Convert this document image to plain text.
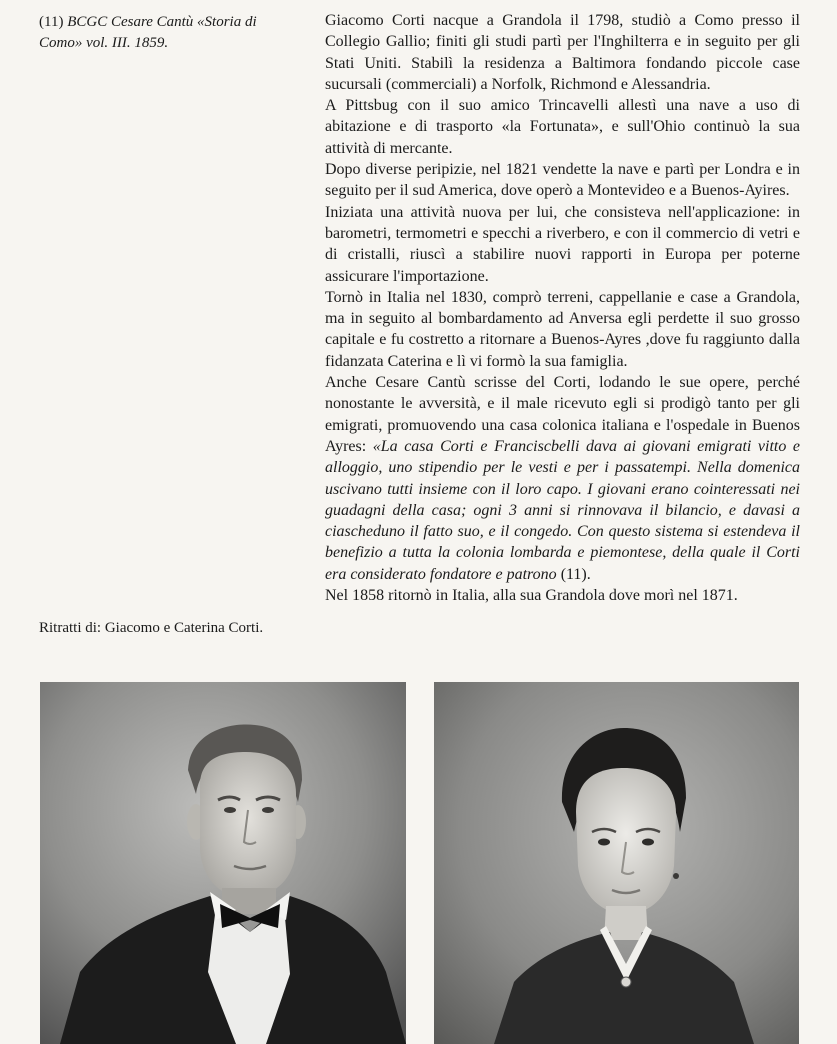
(11) BCGC Cesare Cantù «Storia di Como» vol. III. 1859.
Ritratti di: Giacomo e Caterina Corti.

Giacomo Corti nacque a Grandola il 1798, studiò a Como presso il Collegio Gallio; finiti gli studi partì per l'Inghilterra e in seguito per gli Stati Uniti. Stabilì la residenza a Baltimora fondando piccole case sucursali (commerciali) a Norfolk, Richmond e Alessandria.

A Pittsbug con il suo amico Trincavelli allestì una nave a uso di abitazione e di trasporto «la Fortunata», e sull'Ohio continuò la sua attività di mercante.

Dopo diverse peripizie, nel 1821 vendette la nave e partì per Londra e in seguito per il sud America, dove operò a Montevideo e a Buenos-Ayires.

Iniziata una attività nuova per lui, che consisteva nell'applicazione: in barometri, termometri e specchi a riverbero, e con il commercio di vetri e di cristalli, riuscì a stabilire nuovi rapporti in Europa per poterne assicurare l'importazione.

Tornò in Italia nel 1830, comprò terreni, cappellanie e case a Grandola, ma in seguito al bombardamento ad Anversa egli perdette il suo grosso capitale e fu costretto a ritornare a Buenos-Ayres ,dove fu raggiunto dalla fidanzata Caterina e lì vi formò la sua famiglia.

Anche Cesare Cantù scrisse del Corti, lodando le sue opere, perché nonostante le avversità, e il male ricevuto egli si prodigò tanto per gli emigrati, promuovendo una casa colonica italiana e l'ospedale in Buenos Ayres: «La casa Corti e Franciscbelli dava ai giovani emigrati vitto e alloggio, uno stipendio per le vesti e per i passatempi. Nella domenica uscivano tutti insieme con il loro capo. I giovani erano cointeressati nei guadagni della casa; ogni 3 anni si rinnovava il bilancio, e davasi a ciascheduno il fatto suo, e il congedo. Con questo sistema si estendeva il benefizio a tutta la colonia lombarda e piemontese, della quale il Corti era considerato fondatore e patrono (11).

Nel 1858 ritornò in Italia, alla sua Grandola dove morì nel 1871.
